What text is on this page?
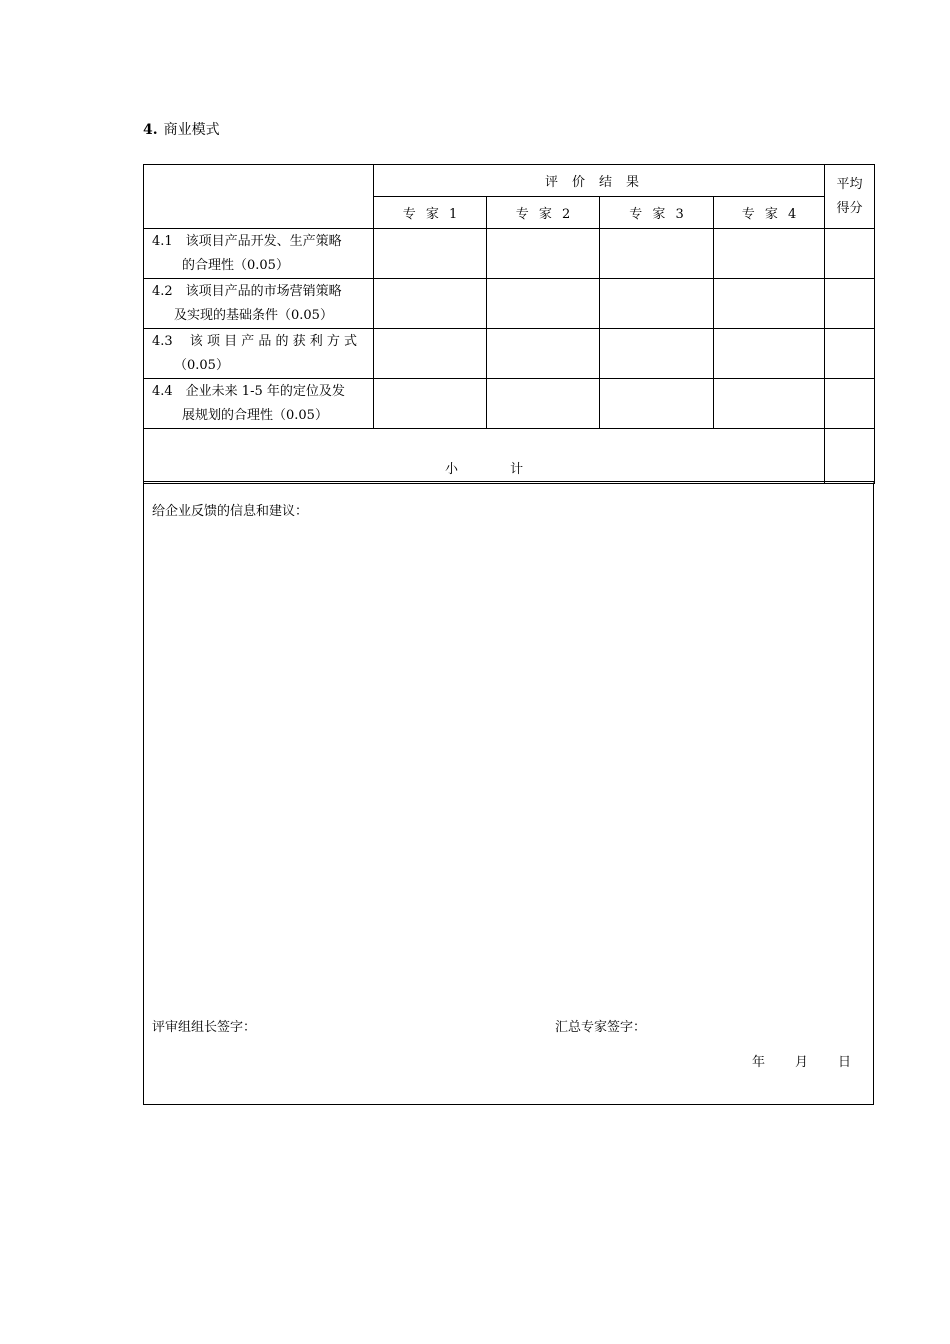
4. 商业模式
	评价结果				平均
得分

	专 家 1	专 家 2	专 家 3	专 家 4	
4.1　该项目产品开发、生产策略
的合理性（0.05）					

4.2　该项目产品的市场营销策略
及实现的基础条件（0.05）					

4.3　 该 项 目 产 品 的 获 利 方 式
（0.05）					

4.4　企业未来 1-5 年的定位及发
展规划的合理性（0.05）					

小 计					
给企业反馈的信息和建议：
评审组组长签字：	汇总专家签字：
年 月 日
